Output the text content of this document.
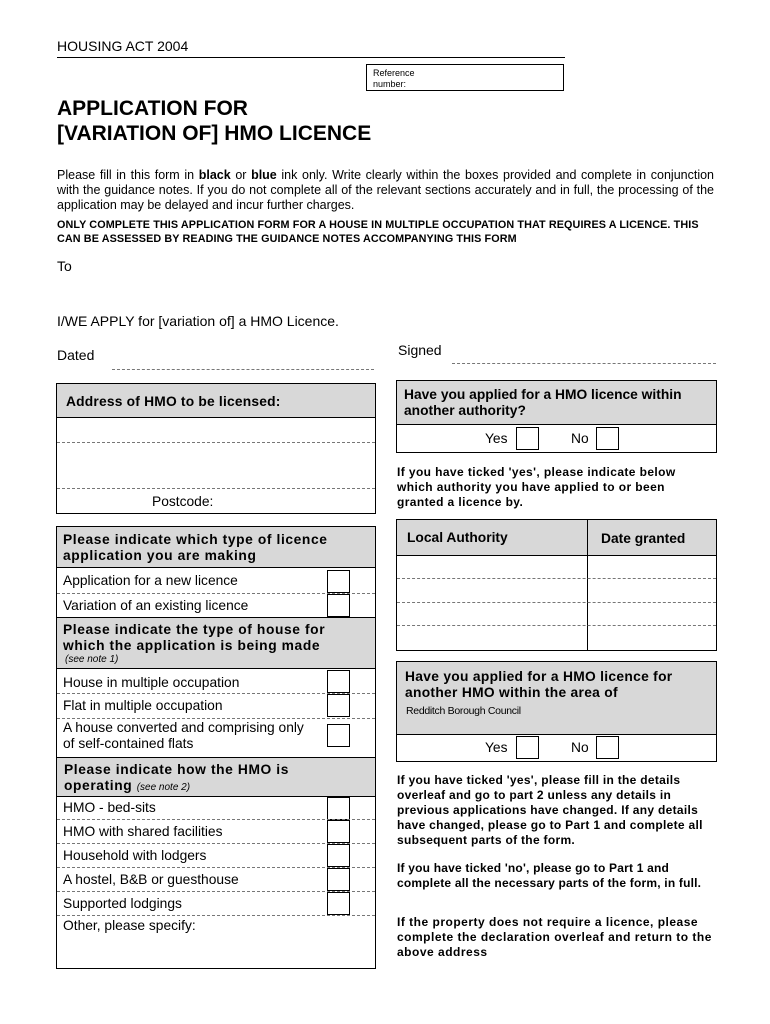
HOUSING ACT 2004
Reference number:
APPLICATION FOR
[VARIATION OF] HMO LICENCE
Please fill in this form in black or blue ink only. Write clearly within the boxes provided and complete in conjunction with the guidance notes. If you do not complete all of the relevant sections accurately and in full, the processing of the application may be delayed and incur further charges.
ONLY COMPLETE THIS APPLICATION FORM FOR A HOUSE IN MULTIPLE OCCUPATION THAT REQUIRES A LICENCE. THIS CAN BE ASSESSED BY READING THE GUIDANCE NOTES ACCOMPANYING THIS FORM
To
I/WE APPLY for [variation of] a HMO Licence.
Dated	Signed
Address of HMO to be licensed:
Postcode:
Please indicate which type of licence application you are making
Application for a new licence
Variation of an existing licence
Please indicate the type of house for which the application is being made
(see note 1)
House in multiple occupation
Flat in multiple occupation
A house converted and comprising only of self-contained flats
Please indicate how the HMO is operating (see note 2)
HMO - bed-sits
HMO with shared facilities
Household with lodgers
A hostel, B&B or guesthouse
Supported lodgings
Other, please specify:
Have you applied for a HMO licence within another authority?
Yes	No
If you have ticked 'yes', please indicate below which authority you have applied to or been granted a licence by.
Local Authority	Date granted
Have you applied for a HMO licence for another HMO within the area of
Redditch Borough Council
Yes	No
If you have ticked 'yes', please fill in the details overleaf and go to part 2 unless any details in previous applications have changed. If any details have changed, please go to Part 1 and complete all subsequent parts of the form.
If you have ticked 'no', please go to Part 1 and complete all the necessary parts of the form, in full.
If the property does not require a licence, please complete the declaration overleaf and return to the above address
